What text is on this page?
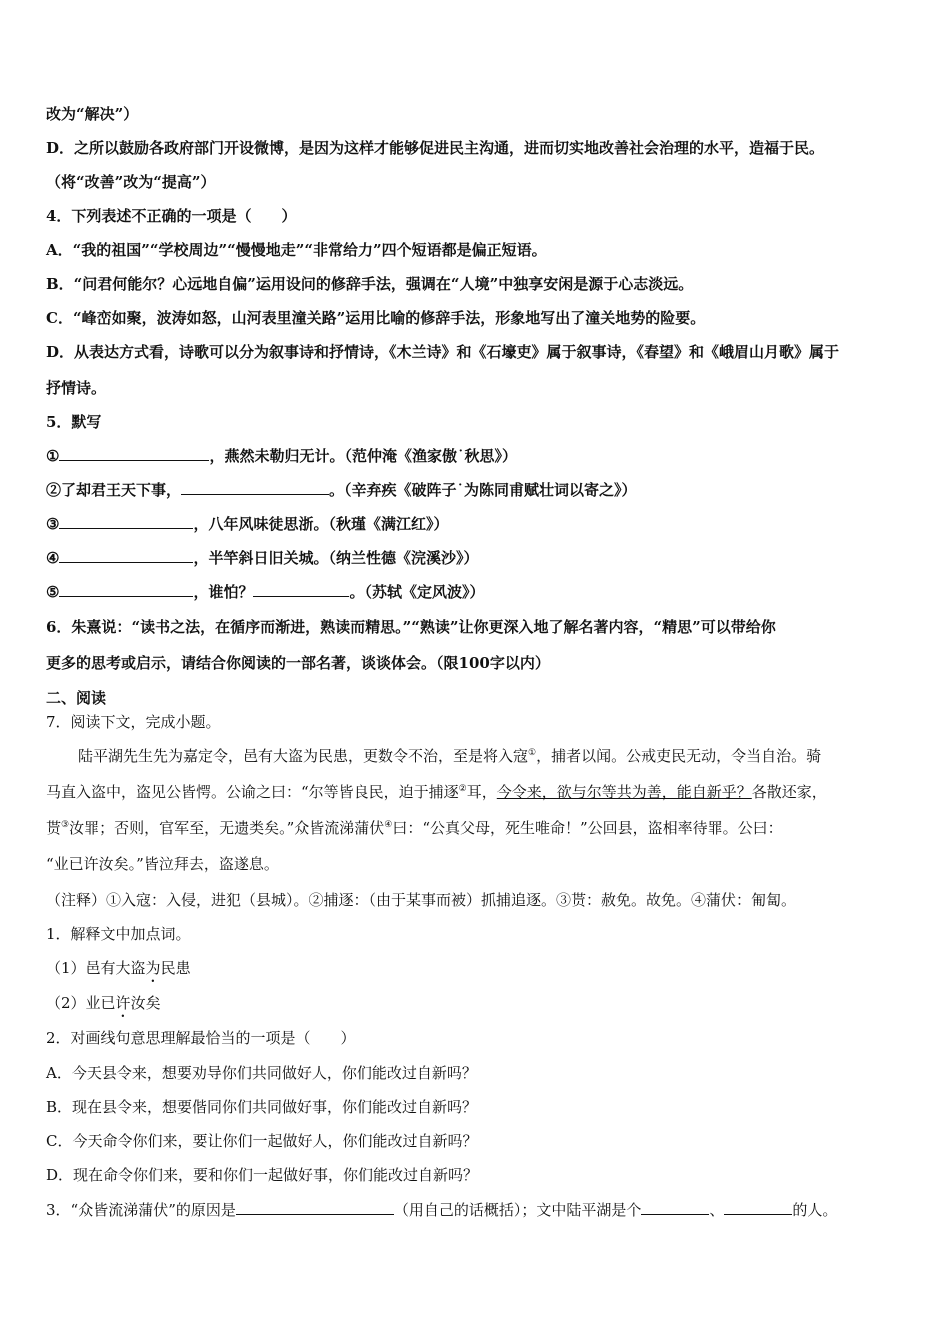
改为“解决”）
D．之所以鼓励各政府部门开设微博，是因为这样才能够促进民主沟通，进而切实地改善社会治理的水平，造福于民。
（将“改善”改为“提高”）
4．下列表述不正确的一项是（　　）
A．“我的祖国”“学校周边”“慢慢地走”“非常给力”四个短语都是偏正短语。
B．“问君何能尔？心远地自偏”运用设问的修辞手法，强调在“人境”中独享安闲是源于心志淡远。
C．“峰峦如聚，波涛如怒，山河表里潼关路”运用比喻的修辞手法，形象地写出了潼关地势的险要。
D．从表达方式看，诗歌可以分为叙事诗和抒情诗，《木兰诗》和《石壕吏》属于叙事诗，《春望》和《峨眉山月歌》属于
抒情诗。
5．默写
①	，燕然未勒归无计。（范仲淹《渔家傲˙秋思》）
②了却君王天下事，	。（辛弃疾《破阵子˙为陈同甫赋壮词以寄之》）
③	，八年风味徒思浙。（秋瑾《满江红》）
④	，半竿斜日旧关城。（纳兰性德《浣溪沙》）
⑤	，谁怕？	。（苏轼《定风波》）
6．朱熹说：“读书之法，在循序而渐进，熟读而精思。”“熟读”让你更深入地了解名著内容，“精思”可以带给你
更多的思考或启示，请结合你阅读的一部名著，谈谈体会。（限100字以内）
二、阅读
7．阅读下文，完成小题。
陆平湖先生先为嘉定令，邑有大盗为民患，更数令不治，至是将入寇①，捕者以闻。公戒吏民无动，令当自治。骑
马直入盗中，盗见公皆愕。公谕之曰：“尔等皆良民，迫于捕逐②耳，今令来，欲与尔等共为善，能自新乎？各散还家，
贳③汝罪；否则，官军至，无遗类矣。”众皆流涕蒲伏④曰：“公真父母，死生唯命！”公回县，盗相率待罪。公曰：
“业已许汝矣。”皆泣拜去，盗遂息。
（注释）①入寇：入侵，进犯（县城）。②捕逐：（由于某事而被）抓捕追逐。③贳：赦免。故免。④蒲伏：匍匐。
1．解释文中加点词。
（1）邑有大盗为民患
（2）业已许汝矣
2．对画线句意思理解最恰当的一项是（　　）
A．今天县令来，想要劝导你们共同做好人，你们能改过自新吗？
B．现在县令来，想要偕同你们共同做好事，你们能改过自新吗？
C．今天命令你们来，要让你们一起做好人，你们能改过自新吗？
D．现在命令你们来，要和你们一起做好事，你们能改过自新吗？
3．“众皆流涕蒲伏”的原因是	（用自己的话概括）；文中陆平湖是个	、	的人。
